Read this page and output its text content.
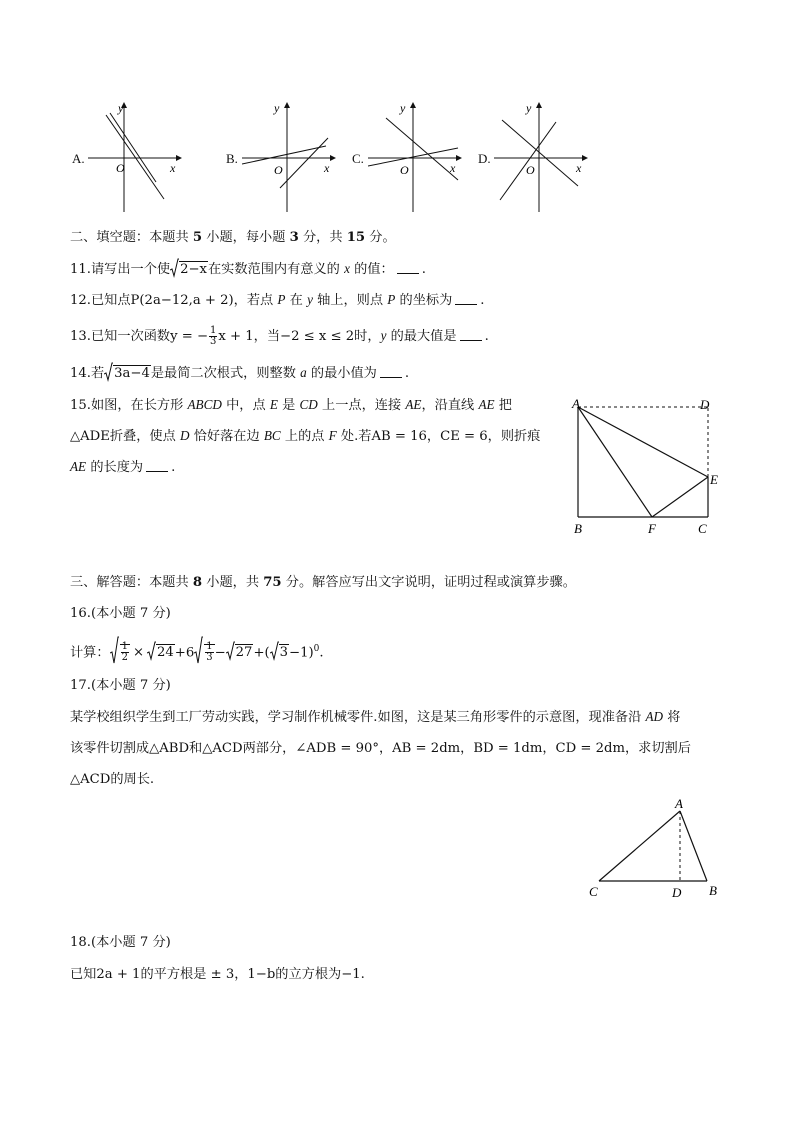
A.
y
x
O
B.
y
x
O
C.
y
x
O
D.
y
x
O
二、填空题：本题共 5 小题，每小题 3 分，共 15 分。
11.请写出一个使 2−x在实数范围内有意义的 x 的值： .
12.已知点P(2a−12,a + 2)，若点 P 在 y 轴上，则点 P 的坐标为 .
13.已知一次函数y = − $\frac{1}{3}$ x + 1，当−2 ≤ x ≤ 2时，y 的最大值是 .
14.若 3a−4是最简二次根式，则整数 a 的最小值为 .
15.如图，在长方形 ABCD 中，点 E 是 CD 上一点，连接 AE，沿直线 AE 把
△ADE折叠，使点 D 恰好落在边 BC 上的点 F 处.若AB = 16，CE = 6，则折痕
AE 的长度为 .
A	D
E
B	F	C
三、解答题：本题共 8 小题，共 75 分。解答应写出文字说明，证明过程或演算步骤。
16.(本小题 7 分)
计算： $\frac{1}{2} \times 24+6 \frac{1}{3} - 27+$( 3−1)$^0$.
17.(本小题 7 分)
某学校组织学生到工厂劳动实践，学习制作机械零件.如图，这是某三角形零件的示意图，现准备沿 AD 将
该零件切割成△ABD和△ACD两部分，∠ADB = 90°，AB = 2dm，BD = 1dm，CD = 2dm，求切割后
△ACD的周长.
A
C	D B
18.(本小题 7 分)
已知2a + 1的平方根是 ± 3，1−b的立方根为−1.
